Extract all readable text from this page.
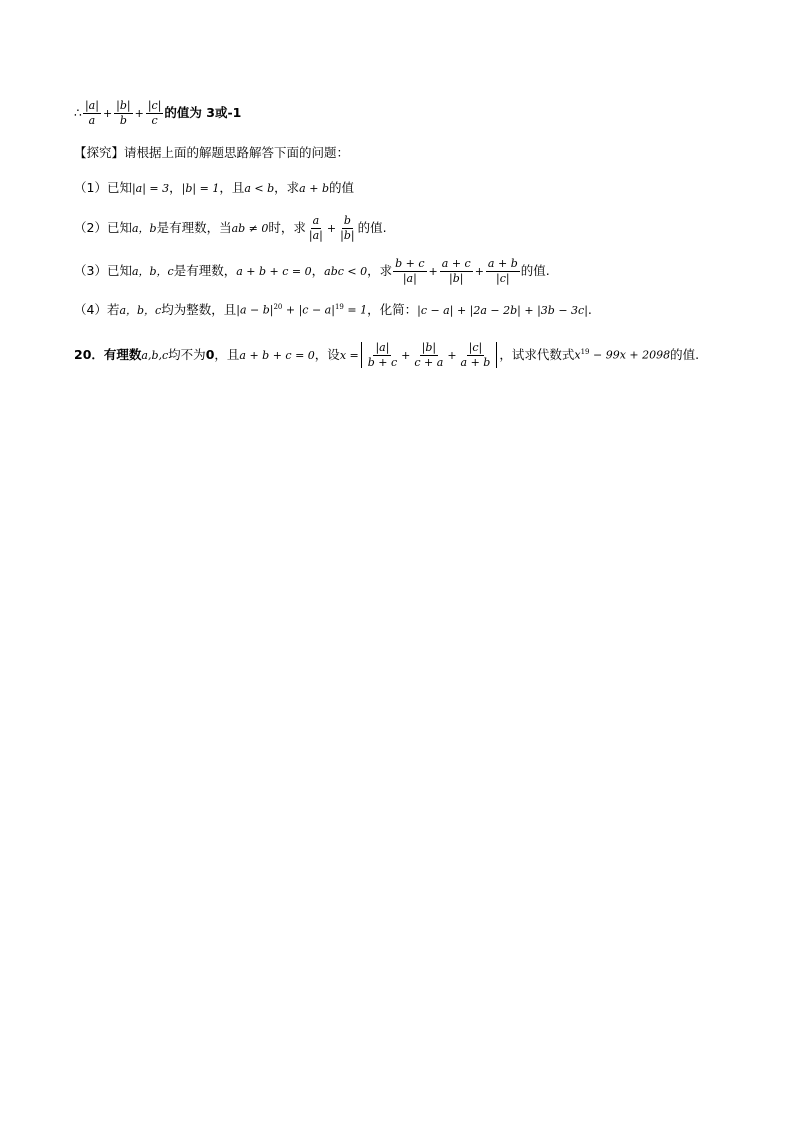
∴ $\frac{|a|}{a} + \frac{|b|}{b} + \frac{|c|}{c}$ 的值为 3或-1
【探究】请根据上面的解题思路解答下面的问题：
（1）已知 |a| = 3 ， |b| = 1 ，且 a < b ，求 a + b 的值
（2）已知 a，b 是有理数，当 ab ≠ 0 时，求 $\frac{a}{|a|} + \frac{b}{|b|}$ 的值.
（3）已知 a，b，c 是有理数， a + b + c = 0 ， abc < 0 ，求 $\frac{b + c}{|a|} + \frac{a + c}{|b|} + \frac{a + b}{|c|}$ 的值.
（4）若 a，b，c 均为整数，且 $|a - b|^{20} + |c - a|^{19} = 1$ ，化简： |c − a| + |2a − 2b| + |3b − 3c| .
20．有理数 a,b,c 均不为 0 ，且 a + b + c = 0 ，设 $x = \frac{|a|}{b + c} + \frac{|b|}{c + a} + \frac{|c|}{a + b}$ ，试求代数式 $x^{19} - 99x + 2098$ 的值.
